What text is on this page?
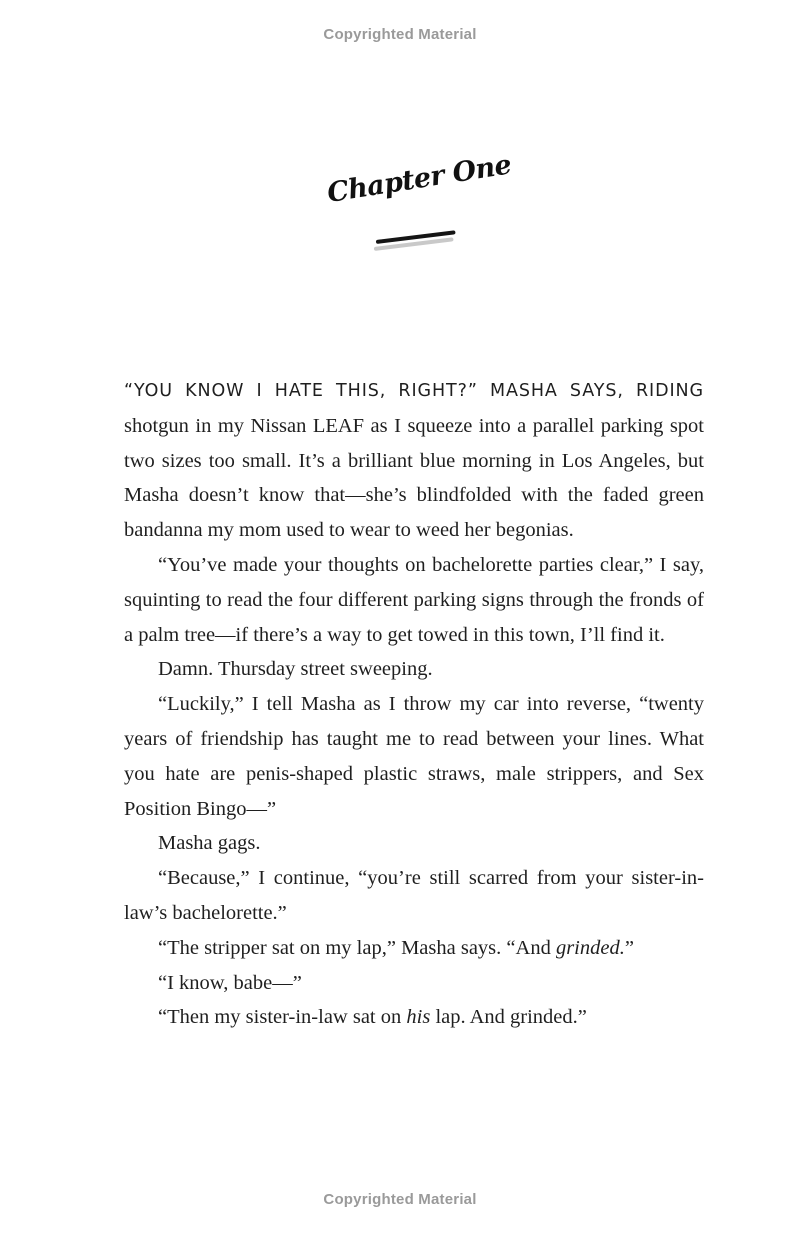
Copyrighted Material
Chapter One

“YOU KNOW I HATE THIS, RIGHT?” MASHA SAYS, RIDING shotgun in my Nissan LEAF as I squeeze into a parallel parking spot two sizes too small. It’s a brilliant blue morning in Los Angeles, but Masha doesn’t know that—she’s blindfolded with the faded green bandanna my mom used to wear to weed her begonias.

“You’ve made your thoughts on bachelorette parties clear,” I say, squinting to read the four different parking signs through the fronds of a palm tree—if there’s a way to get towed in this town, I’ll find it.

Damn. Thursday street sweeping.

“Luckily,” I tell Masha as I throw my car into reverse, “twenty years of friendship has taught me to read between your lines. What you hate are penis-shaped plastic straws, male strippers, and Sex Position Bingo—”

Masha gags.

“Because,” I continue, “you’re still scarred from your sister-in-law’s bachelorette.”

“The stripper sat on my lap,” Masha says. “And grinded.”

“I know, babe—”

“Then my sister-in-law sat on his lap. And grinded.”

Copyrighted Material
